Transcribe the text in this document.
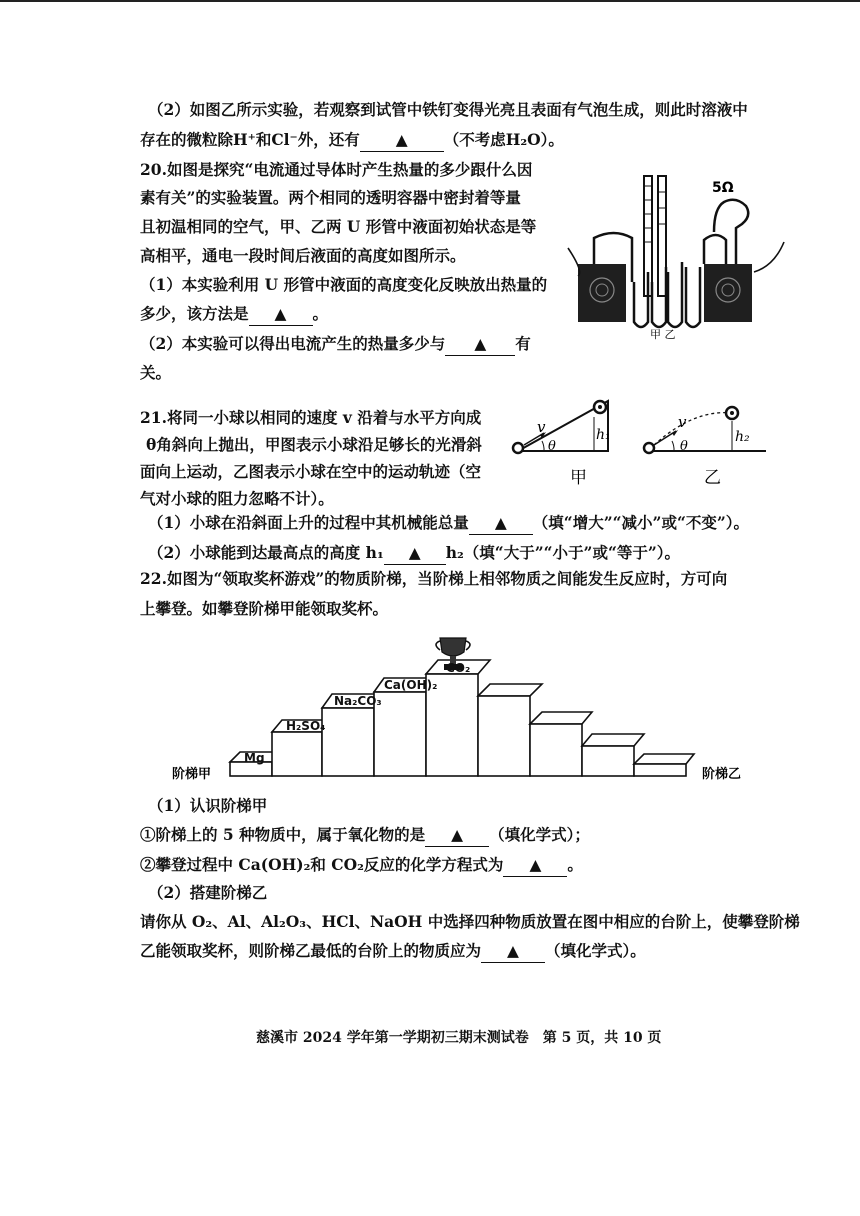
（2）如图乙所示实验，若观察到试管中铁钉变得光亮且表面有气泡生成，则此时溶液中
存在的微粒除H⁺和Cl⁻外，还有 ▲ （不考虑H₂O）。
20.如图是探究“电流通过导体时产生热量的多少跟什么因
素有关”的实验装置。两个相同的透明容器中密封着等量
且初温相同的空气，甲、乙两 U 形管中液面初始状态是等
高相平，通电一段时间后液面的高度如图所示。
（1）本实验利用 U 形管中液面的高度变化反映放出热量的
多少，该方法是 ▲ 。
（2）本实验可以得出电流产生的热量多少与 ▲ 有
关。
5Ω
甲 乙
21.将同一小球以相同的速度 v 沿着与水平方向成
θ角斜向上抛出，甲图表示小球沿足够长的光滑斜
面向上运动，乙图表示小球在空中的运动轨迹（空
气对小球的阻力忽略不计）。
（1）小球在沿斜面上升的过程中其机械能总量 ▲ （填“增大”“减小”或“不变”）。
（2）小球能到达最高点的高度 h₁ ▲ h₂（填“大于”“小于”或“等于”）。
v
θ
h₁
甲
v
θ
h₂
乙
22.如图为“领取奖杯游戏”的物质阶梯，当阶梯上相邻物质之间能发生反应时，方可向
上攀登。如攀登阶梯甲能领取奖杯。
Mg
H₂SO₄
Na₂CO₃
Ca(OH)₂
CO₂
阶梯甲	阶梯乙
（1）认识阶梯甲
①阶梯上的 5 种物质中，属于氧化物的是 ▲ （填化学式）；
②攀登过程中 Ca(OH)₂和 CO₂反应的化学方程式为 ▲ 。
（2）搭建阶梯乙
请你从 O₂、Al、Al₂O₃、HCl、NaOH 中选择四种物质放置在图中相应的台阶上，使攀登阶梯
乙能领取奖杯，则阶梯乙最低的台阶上的物质应为 ▲ （填化学式）。
慈溪市 2024 学年第一学期初三期末测试卷　第 5 页，共 10 页
